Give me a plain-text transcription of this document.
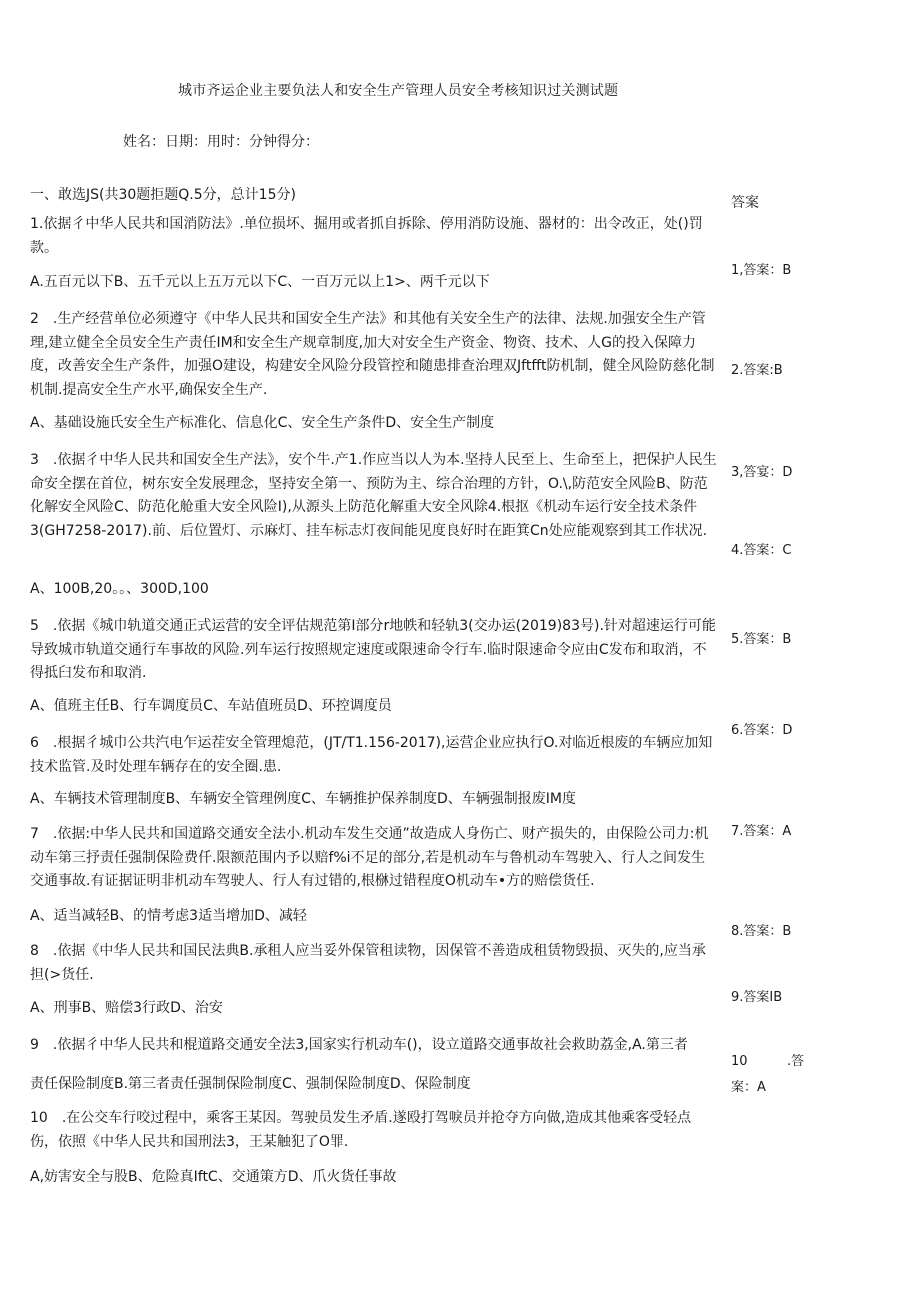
城市齐运企业主要负法人和安全生产管理人员安全考核知识过关测试题
姓名：日期：用时：分钟得分：
一、敢选JS(共30题拒题Q.5分，总计15分)	答案
1.依据彳中华人民共和国消防法》.单位损坏、掘用或者抓自拆除、停用消防设施、器材的：出令改正，处()罚款。
A.五百元以下B、五千元以上五万元以下C、一百万元以上1>、两千元以下
2　.生产经营单位必须遵守《中华人民共和国安全生产法》和其他有关安全生产的法律、法规.加强安全生产管理,建立健全全员安全生产责任IM和安全生产规章制度,加大对安全生产资金、物资、技术、人G的投入保障力度，改善安全生产条件，加强O建设，构建安全风险分段管控和随患排查治理双Jftfft防机制，健全风险防慈化制机制.提高安全生产水平,确保安全生产.
A、基础设施氏安全生产标准化、信息化C、安全生产条件D、安全生产制度
3　.依据彳中华人民共和国安全生产法》，安个牛.产1.作应当以人为本.坚持人民至上、生命至上，把保护人民生命安全摆在首位，树东安全发展理念，坚持安全第一、预防为主、综合治理的方针，O.\,防范安全风险B、防范化解安全风险C、防范化舱重大安全风险I),从源头上防范化解重大安全风除4.根抠《机动车运行安全技术条件3(GH7258-2017).前、后位置灯、示麻灯、挂车标志灯夜间能见度良好时在距箕Cn处应能观察到其工作状况.
A、100B,20。。、300D,100
5　.依据《城巾轨道交通正式运营的安全评估规范第I部分r地帙和轻轨3(交办运(2019)83号).针对超速运行可能导致城市轨道交通行车事故的风险.列车运行按照规定速度或限速命令行车.临时限速命令应由C发布和取消，不得抵臼发布和取消.
A、值班主任B、行车调度员C、车站值班员D、环控调度员
6　.根据彳城巾公共汽电乍运茬安全管理熄范，(JT/T1.156-2017),运营企业应执行O.对临近根废的车辆应加知技术监管.及时处理车辆存在的安全圈.患.
A、车辆技术管理制度B、车辆安全管理例度C、车辆推护保养制度D、车辆强制报废IM度
7　.依据:中华人民共和国道路交通安全法小.机动车发生交通”故造成人身伤亡、财产损失的，由保险公司力:机动车第三抒责任强制保险费仟.限额范围内予以赔f%i不足的部分,若是机动车与鲁机动车驾驶入、行人之间发生交通事故.有证据证明非机动车驾驶人、行人有过错的,根椕过错程度O机动车•方的赔偿货任.
A、适当减轻B、的情考虑3适当增加D、减轻
8　.依据《中华人民共和国民法典B.承租人应当妥外保管租读物，因保管不善造成租赁物毁损、灭失的,应当承担(>货任.
A、刑事B、赔偿3行政D、治安
9　.依据彳中华人民共和棍道路交通安全法3,国家实行机动车()，设立道路交通事故社会救助荔金,A.第三者
责任保险制度B.第三者责任强制保险制度C、强制保险制度D、保险制度
10　.在公交车行咬过程中，乘客王某因。驾驶员发生矛盾.遂殴打驾唳员并抢夺方向做,造成其他乘客受轻点伤，依照《中华人民共和国刑法3，王某触犯了O罪.
A,妨害安全与股B、危险真IftC、交通策方D、爪火货任事故
1,答案：B
2.答案:B
3,答宴：D
4.答案：C
5.答案：B
6.答案：D
7.答案：A
8.答案：B
9.答案IB
10	.答
案：A
